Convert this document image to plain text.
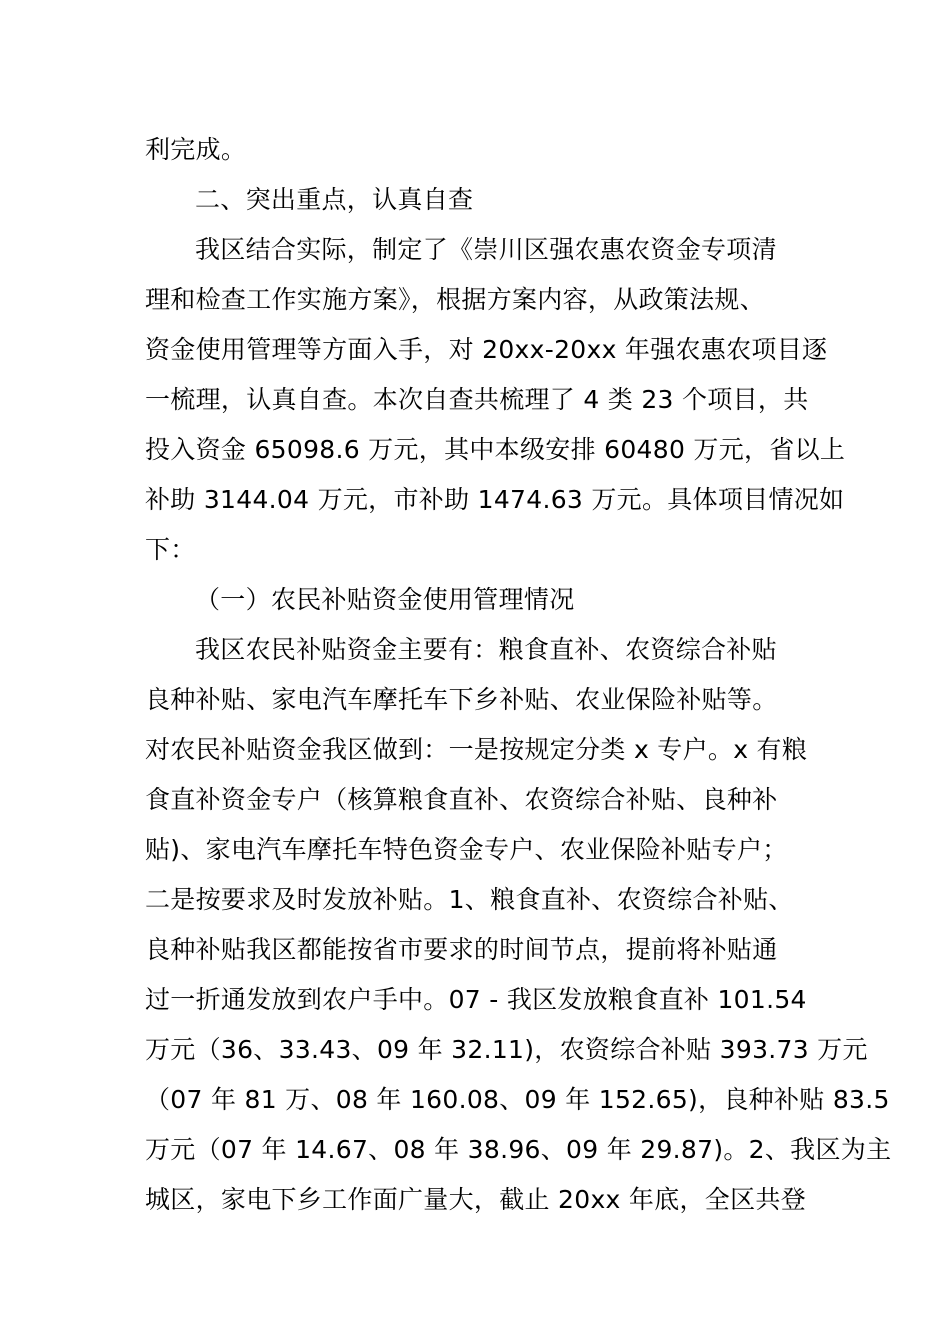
利完成。
二、突出重点，认真自查
我区结合实际，制定了《崇川区强农惠农资金专项清
理和检查工作实施方案》，根据方案内容，从政策法规、
资金使用管理等方面入手，对 20xx-20xx 年强农惠农项目逐
一梳理，认真自查。本次自查共梳理了 4 类 23 个项目，共
投入资金 65098.6 万元，其中本级安排 60480 万元，省以上
补助 3144.04 万元，市补助 1474.63 万元。具体项目情况如
下：
（一）农民补贴资金使用管理情况
我区农民补贴资金主要有：粮食直补、农资综合补贴
良种补贴、家电汽车摩托车下乡补贴、农业保险补贴等。
对农民补贴资金我区做到：一是按规定分类 x 专户。x 有粮
食直补资金专户（核算粮食直补、农资综合补贴、良种补
贴)、家电汽车摩托车特色资金专户、农业保险补贴专户；
二是按要求及时发放补贴。1、粮食直补、农资综合补贴、
良种补贴我区都能按省市要求的时间节点，提前将补贴通
过一折通发放到农户手中。07 - 我区发放粮食直补 101.54
万元（36、33.43、09 年 32.11)，农资综合补贴 393.73 万元
（07 年 81 万、08 年 160.08、09 年 152.65)，良种补贴 83.5
万元（07 年 14.67、08 年 38.96、09 年 29.87)。2、我区为主
城区，家电下乡工作面广量大，截止 20xx 年底，全区共登
